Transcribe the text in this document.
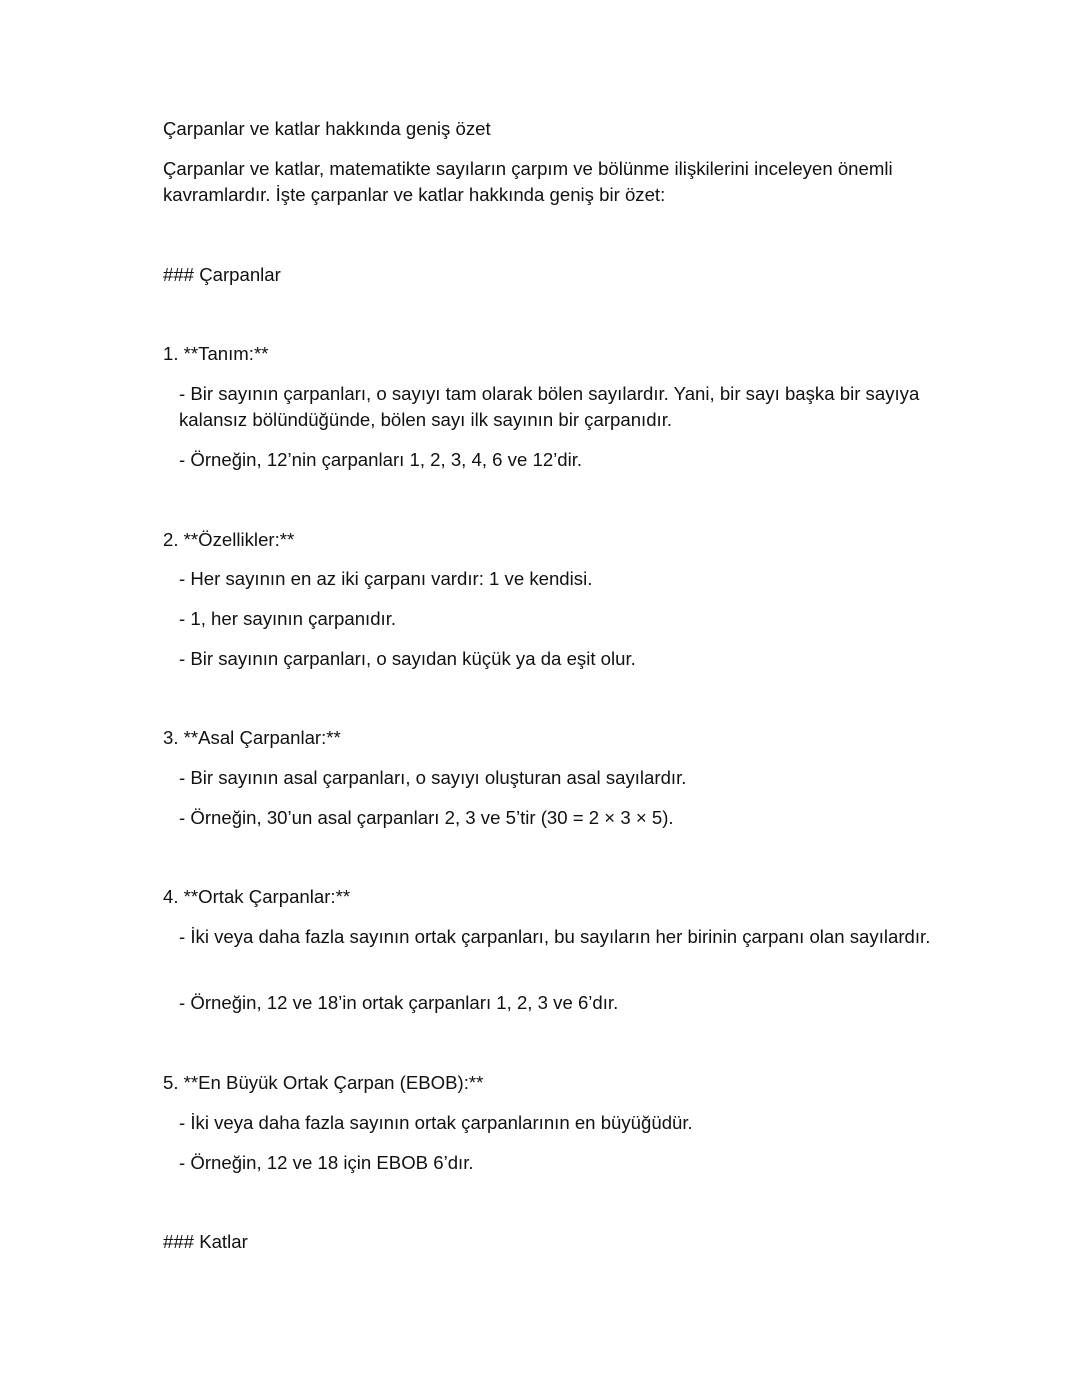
Çarpanlar ve katlar hakkında geniş özet

Çarpanlar ve katlar, matematikte sayıların çarpım ve bölünme ilişkilerini inceleyen önemli kavramlardır. İşte çarpanlar ve katlar hakkında geniş bir özet:

### Çarpanlar

1. **Tanım:**

- Bir sayının çarpanları, o sayıyı tam olarak bölen sayılardır. Yani, bir sayı başka bir sayıya kalansız bölündüğünde, bölen sayı ilk sayının bir çarpanıdır.

- Örneğin, 12’nin çarpanları 1, 2, 3, 4, 6 ve 12’dir.

2. **Özellikler:**

- Her sayının en az iki çarpanı vardır: 1 ve kendisi.

- 1, her sayının çarpanıdır.

- Bir sayının çarpanları, o sayıdan küçük ya da eşit olur.

3. **Asal Çarpanlar:**

- Bir sayının asal çarpanları, o sayıyı oluşturan asal sayılardır.

- Örneğin, 30’un asal çarpanları 2, 3 ve 5’tir (30 = 2 × 3 × 5).

4. **Ortak Çarpanlar:**

- İki veya daha fazla sayının ortak çarpanları, bu sayıların her birinin çarpanı olan sayılardır.

- Örneğin, 12 ve 18’in ortak çarpanları 1, 2, 3 ve 6’dır.

5. **En Büyük Ortak Çarpan (EBOB):**

- İki veya daha fazla sayının ortak çarpanlarının en büyüğüdür.

- Örneğin, 12 ve 18 için EBOB 6’dır.

### Katlar
